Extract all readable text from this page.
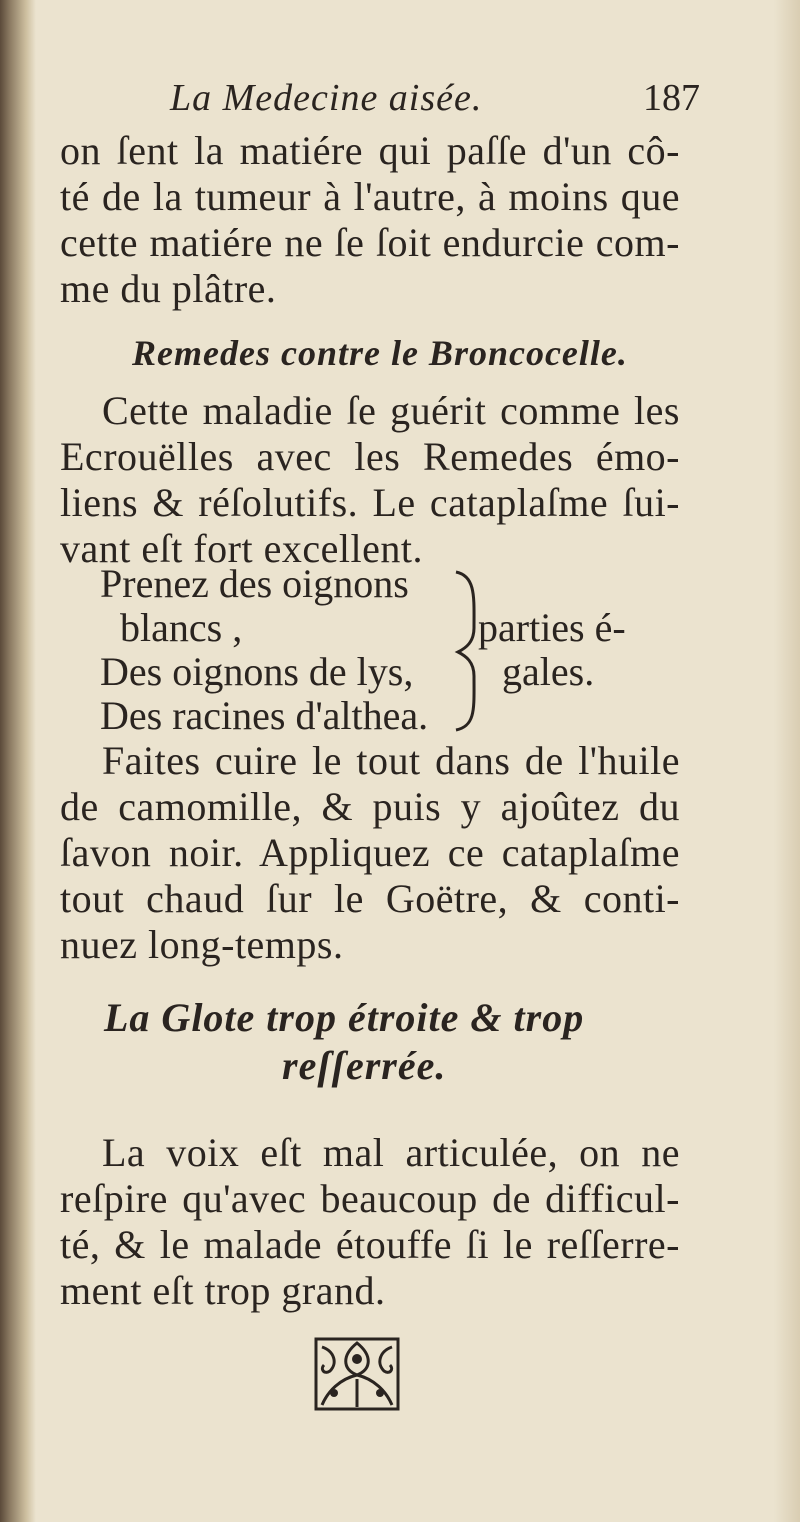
La Medecine aisée.	187
on ſent la matiére qui paſſe d'un cô-
té de la tumeur à l'autre, à moins que
cette matiére ne ſe ſoit endurcie com-
me du plâtre.
Remedes contre le Broncocelle.
Cette maladie ſe guérit comme les
Ecrouëlles avec les Remedes émo-
liens & réſolutifs. Le cataplaſme ſui-
vant eſt fort excellent.
Prenez des oignons
blancs ,
Des oignons de lys,
Des racines d'althea.
parties é-
gales.
Faites cuire le tout dans de l'huile
de camomille, & puis y ajoûtez du
ſavon noir. Appliquez ce cataplaſme
tout chaud ſur le Goëtre, & conti-
nuez long-temps.
La Glote trop étroite & trop
reſſerrée.
La voix eſt mal articulée, on ne
reſpire qu'avec beaucoup de difficul-
té, & le malade étouffe ſi le reſſerre-
ment eſt trop grand.
